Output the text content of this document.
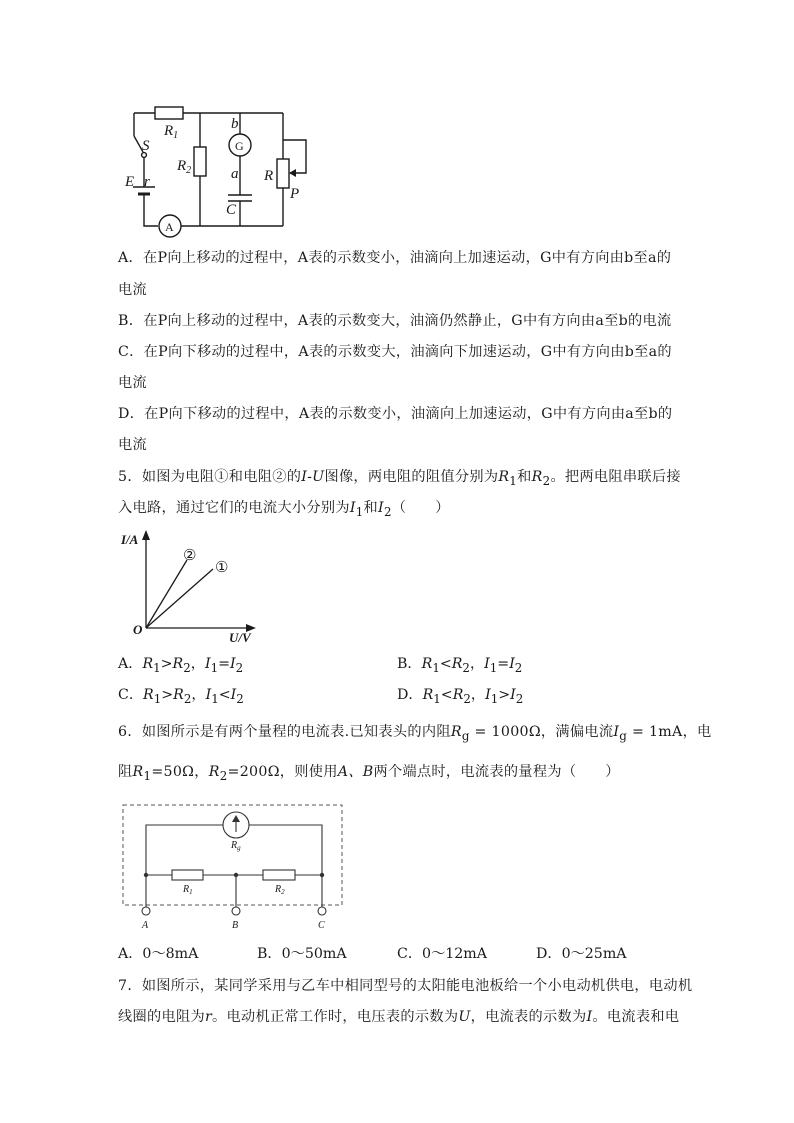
$R_1$
$R_2$
S
E r
b
a
C
R
P
A
G
A．在P向上移动的过程中，A表的示数变小，油滴向上加速运动，G中有方向由b至a的
电流
B．在P向上移动的过程中，A表的示数变大，油滴仍然静止，G中有方向由a至b的电流
C．在P向下移动的过程中，A表的示数变大，油滴向下加速运动，G中有方向由b至a的
电流
D．在P向下移动的过程中，A表的示数变小，油滴向上加速运动，G中有方向由a至b的
电流
5．如图为电阻①和电阻②的I-U图像，两电阻的阻值分别为$R_1$和$R_2$。把两电阻串联后接
入电路，通过它们的电流大小分别为$I_1$和$I_2$（　　）
I/A
U/V
O
②
①
A．$R_1>R_2$，$I_1=I_2$	B．$R_1<R_2$，$I_1=I_2$
C．$R_1>R_2$，$I_1<I_2$	D．$R_1<R_2$，$I_1>I_2$
6．如图所示是有两个量程的电流表.已知表头的内阻$R_g = 1000\Omega$，满偏电流$I_g = 1mA$，电
阻$R_1=50\Omega$，$R_2=200\Omega$，则使用A、B两个端点时，电流表的量程为（　　）
$R_g$
$R_1$	$R_2$
A	B	C
A．0～8mA	B．0～50mA	C．0～12mA	D．0～25mA
7．如图所示，某同学采用与乙车中相同型号的太阳能电池板给一个小电动机供电，电动机
线圈的电阻为r。电动机正常工作时，电压表的示数为U，电流表的示数为I。电流表和电
